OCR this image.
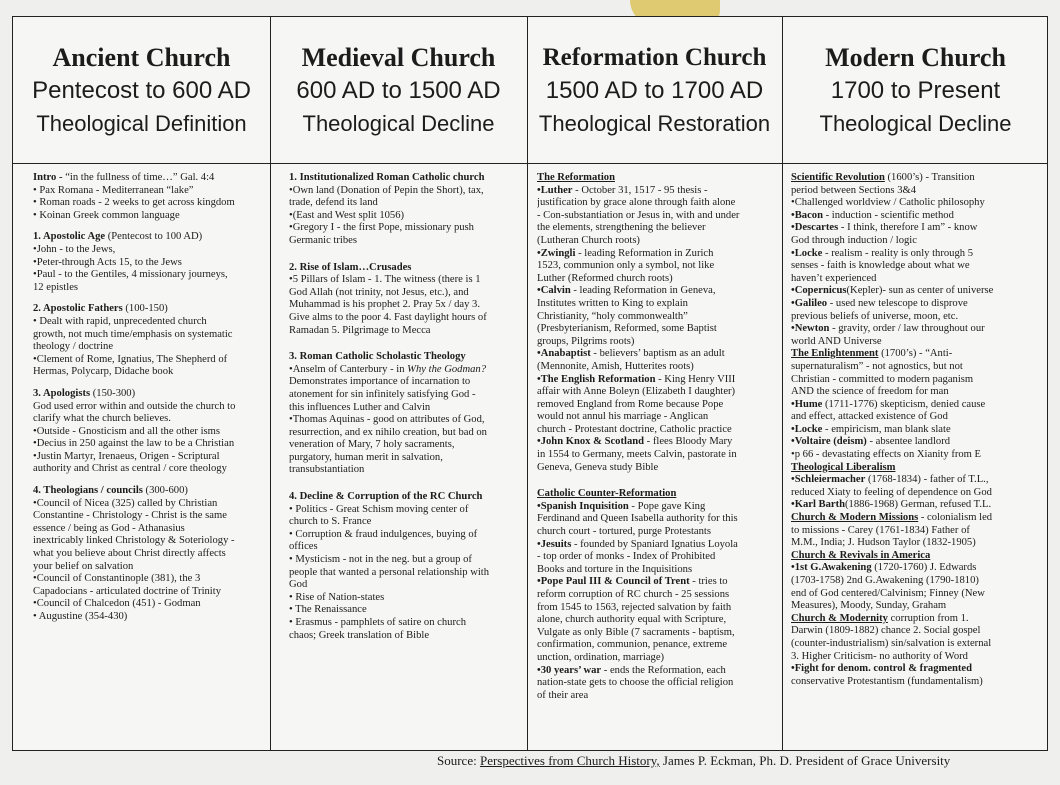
Ancient Church
Pentecost to 600 AD
Theological Definition
Medieval Church
600 AD to 1500 AD
Theological Decline
Reformation Church
1500 AD to 1700 AD
Theological Restoration
Modern Church
1700 to Present
Theological Decline

Intro - “in the fullness of time…” Gal. 4:4

• Pax Romana - Mediterranean “lake”

• Roman roads - 2 weeks to get across kingdom

• Koinan Greek common language

1. Apostolic Age (Pentecost to 100 AD)

•John - to the Jews,

•Peter-through Acts 15, to the Jews

•Paul - to the Gentiles, 4 missionary journeys,

12 epistles

2. Apostolic Fathers (100-150)

• Dealt with rapid, unprecedented church

growth, not much time/emphasis on systematic

theology / doctrine

•Clement of Rome, Ignatius, The Shepherd of

Hermas, Polycarp, Didache book

3. Apologists (150-300)

God used error within and outside the church to

clarify what the church believes.

•Outside - Gnosticism and all the other isms

•Decius in 250 against the law to be a Christian

•Justin Martyr, Irenaeus, Origen - Scriptural

authority and Christ as central / core theology

4. Theologians / councils (300-600)

•Council of Nicea (325) called by Christian

Constantine - Christology - Christ is the same

essence / being as God - Athanasius

inextricably linked Christology & Soteriology -

what you believe about Christ directly affects

your belief on salvation

•Council of Constantinople (381), the 3

Capadocians - articulated doctrine of Trinity

•Council of Chalcedon (451) - Godman

• Augustine (354-430)

1. Institutionalized Roman Catholic church

•Own land (Donation of Pepin the Short), tax,

trade, defend its land

•(East and West split 1056)

•Gregory I - the first Pope, missionary push

Germanic tribes

2. Rise of Islam…Crusades

•5 Pillars of Islam - 1. The witness (there is 1

God Allah (not trinity, not Jesus, etc.), and

Muhammad is his prophet 2. Pray 5x / day 3.

Give alms to the poor 4. Fast daylight hours of

Ramadan 5. Pilgrimage to Mecca

3. Roman Catholic Scholastic Theology

•Anselm of Canterbury - in Why the Godman?

Demonstrates importance of incarnation to

atonement for sin infinitely satisfying God -

this influences Luther and Calvin

•Thomas Aquinas - good on attributes of God,

resurrection, and ex nihilo creation, but bad on

veneration of Mary, 7 holy sacraments,

purgatory, human merit in salvation,

transubstantiation

4. Decline & Corruption of the RC Church

• Politics - Great Schism moving center of

church to S. France

• Corruption & fraud indulgences, buying of

offices

• Mysticism - not in the neg. but a group of

people that wanted a personal relationship with

God

• Rise of Nation-states

• The Renaissance

• Erasmus - pamphlets of satire on church

chaos; Greek translation of Bible

The Reformation

•Luther - October 31, 1517 - 95 thesis -

justification by grace alone through faith alone

- Con-substantiation or Jesus in, with and under

the elements, strengthening the believer

(Lutheran Church roots)

•Zwingli - leading Reformation in Zurich

1523, communion only a symbol, not like

Luther (Reformed church roots)

•Calvin - leading Reformation in Geneva,

Institutes written to King to explain

Christianity, “holy commonwealth”

(Presbyterianism, Reformed, some Baptist

groups, Pilgrims roots)

•Anabaptist - believers’ baptism as an adult

(Mennonite, Amish, Hutterites roots)

•The English Reformation - King Henry VIII

affair with Anne Boleyn (Elizabeth I daughter)

removed England from Rome because Pope

would not annul his marriage - Anglican

church - Protestant doctrine, Catholic practice

•John Knox & Scotland - flees Bloody Mary

in 1554 to Germany, meets Calvin, pastorate in

Geneva, Geneva study Bible

Catholic Counter-Reformation

•Spanish Inquisition - Pope gave King

Ferdinand and Queen Isabella authority for this

church court - tortured, purge Protestants

•Jesuits - founded by Spaniard Ignatius Loyola

- top order of monks - Index of Prohibited

Books and torture in the Inquisitions

•Pope Paul III & Council of Trent - tries to

reform corruption of RC church - 25 sessions

from 1545 to 1563, rejected salvation by faith

alone, church authority equal with Scripture,

Vulgate as only Bible (7 sacraments - baptism,

confirmation, communion, penance, extreme

unction, ordination, marriage)

•30 years’ war - ends the Reformation, each

nation-state gets to choose the official religion

of their area

Scientific Revolution (1600’s) - Transition

period between Sections 3&4

•Challenged worldview / Catholic philosophy

•Bacon - induction - scientific method

•Descartes - I think, therefore I am” - know

God through induction / logic

•Locke - realism - reality is only through 5

senses - faith is knowledge about what we

haven’t experienced

•Copernicus(Kepler)- sun as center of universe

•Galileo - used new telescope to disprove

previous beliefs of universe, moon, etc.

•Newton - gravity, order / law throughout our

world AND Universe

The Enlightenment (1700’s) - “Anti-

supernaturalism” - not agnostics, but not

Christian - committed to modern paganism

AND the science of freedom for man

•Hume (1711-1776) skepticism, denied cause

and effect, attacked existence of God

•Locke - empiricism, man blank slate

•Voltaire (deism) - absentee landlord

•p 66 - devastating effects on Xianity from E

Theological Liberalism

•Schleiermacher (1768-1834) - father of T.L.,

reduced Xiaty to feeling of dependence on God

•Karl Barth(1886-1968) German, refused T.L.

Church & Modern Missions - colonialism led

to missions - Carey (1761-1834) Father of

M.M., India; J. Hudson Taylor (1832-1905)

Church & Revivals in America

•1st G.Awakening (1720-1760) J. Edwards

(1703-1758) 2nd G.Awakening (1790-1810)

end of God centered/Calvinism; Finney (New

Measures), Moody, Sunday, Graham

Church & Modernity corruption from 1.

Darwin (1809-1882) chance 2. Social gospel

(counter-industrialism) sin/salvation is external

3. Higher Criticism- no authority of Word

•Fight for denom. control & fragmented

conservative Protestantism (fundamentalism)

Source: Perspectives from Church History, James P. Eckman, Ph. D. President of Grace University
